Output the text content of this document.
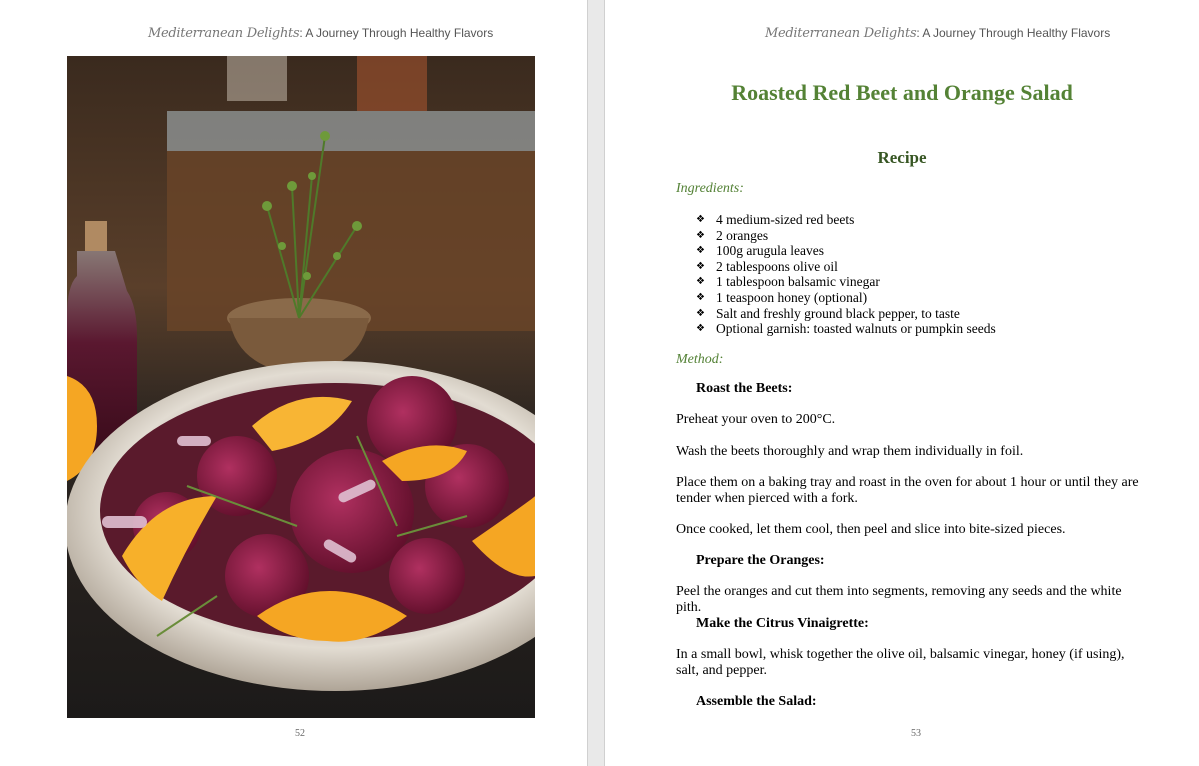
Mediterranean Delights: A Journey Through Healthy Flavors
52
Mediterranean Delights: A Journey Through Healthy Flavors
Roasted Red Beet and Orange Salad
Recipe
Ingredients:
❖ 4 medium-sized red beets
❖ 2 oranges
❖ 100g arugula leaves
❖ 2 tablespoons olive oil
❖ 1 tablespoon balsamic vinegar
❖ 1 teaspoon honey (optional)
❖ Salt and freshly ground black pepper, to taste
❖ Optional garnish: toasted walnuts or pumpkin seeds
Method:
Roast the Beets:
Preheat your oven to 200°C.
Wash the beets thoroughly and wrap them individually in foil.
Place them on a baking tray and roast in the oven for about 1 hour or until they are tender when pierced with a fork.
Once cooked, let them cool, then peel and slice into bite-sized pieces.
Prepare the Oranges:
Peel the oranges and cut them into segments, removing any seeds and the white pith.
Make the Citrus Vinaigrette:
In a small bowl, whisk together the olive oil, balsamic vinegar, honey (if using), salt, and pepper.
Assemble the Salad:
53
